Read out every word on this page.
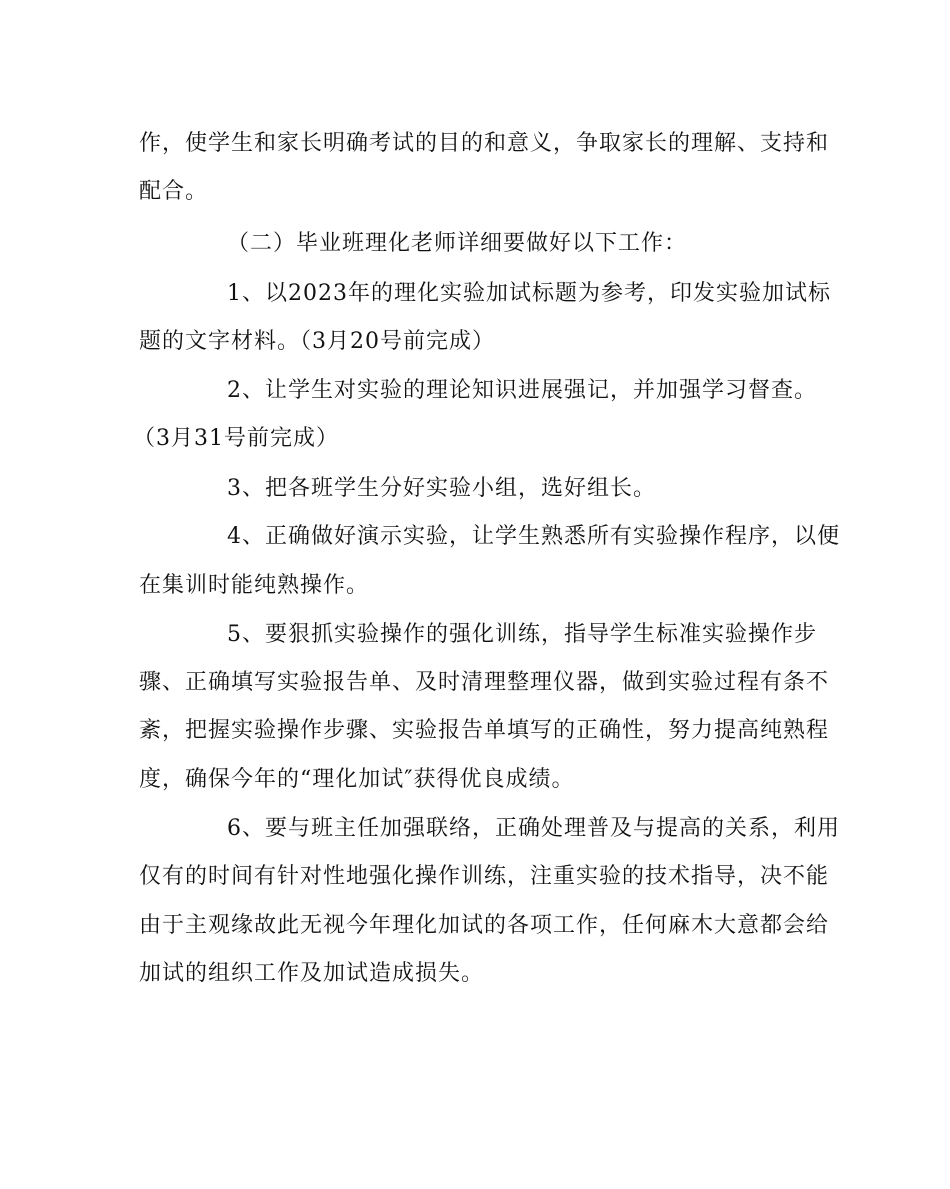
作，使学生和家长明确考试的目的和意义，争取家长的理解、支持和
配合。
（二）毕业班理化老师详细要做好以下工作：
1、以2023年的理化实验加试标题为参考，印发实验加试标
题的文字材料。（3月20号前完成）
2、让学生对实验的理论知识进展强记，并加强学习督查。
（3月31号前完成）
3、把各班学生分好实验小组，选好组长。
4、正确做好演示实验，让学生熟悉所有实验操作程序，以便
在集训时能纯熟操作。
5、要狠抓实验操作的强化训练，指导学生标准实验操作步
骤、正确填写实验报告单、及时清理整理仪器，做到实验过程有条不
紊，把握实验操作步骤、实验报告单填写的正确性，努力提高纯熟程
度，确保今年的“理化加试″获得优良成绩。
6、要与班主任加强联络，正确处理普及与提高的关系，利用
仅有的时间有针对性地强化操作训练，注重实验的技术指导，决不能
由于主观缘故此无视今年理化加试的各项工作，任何麻木大意都会给
加试的组织工作及加试造成损失。
